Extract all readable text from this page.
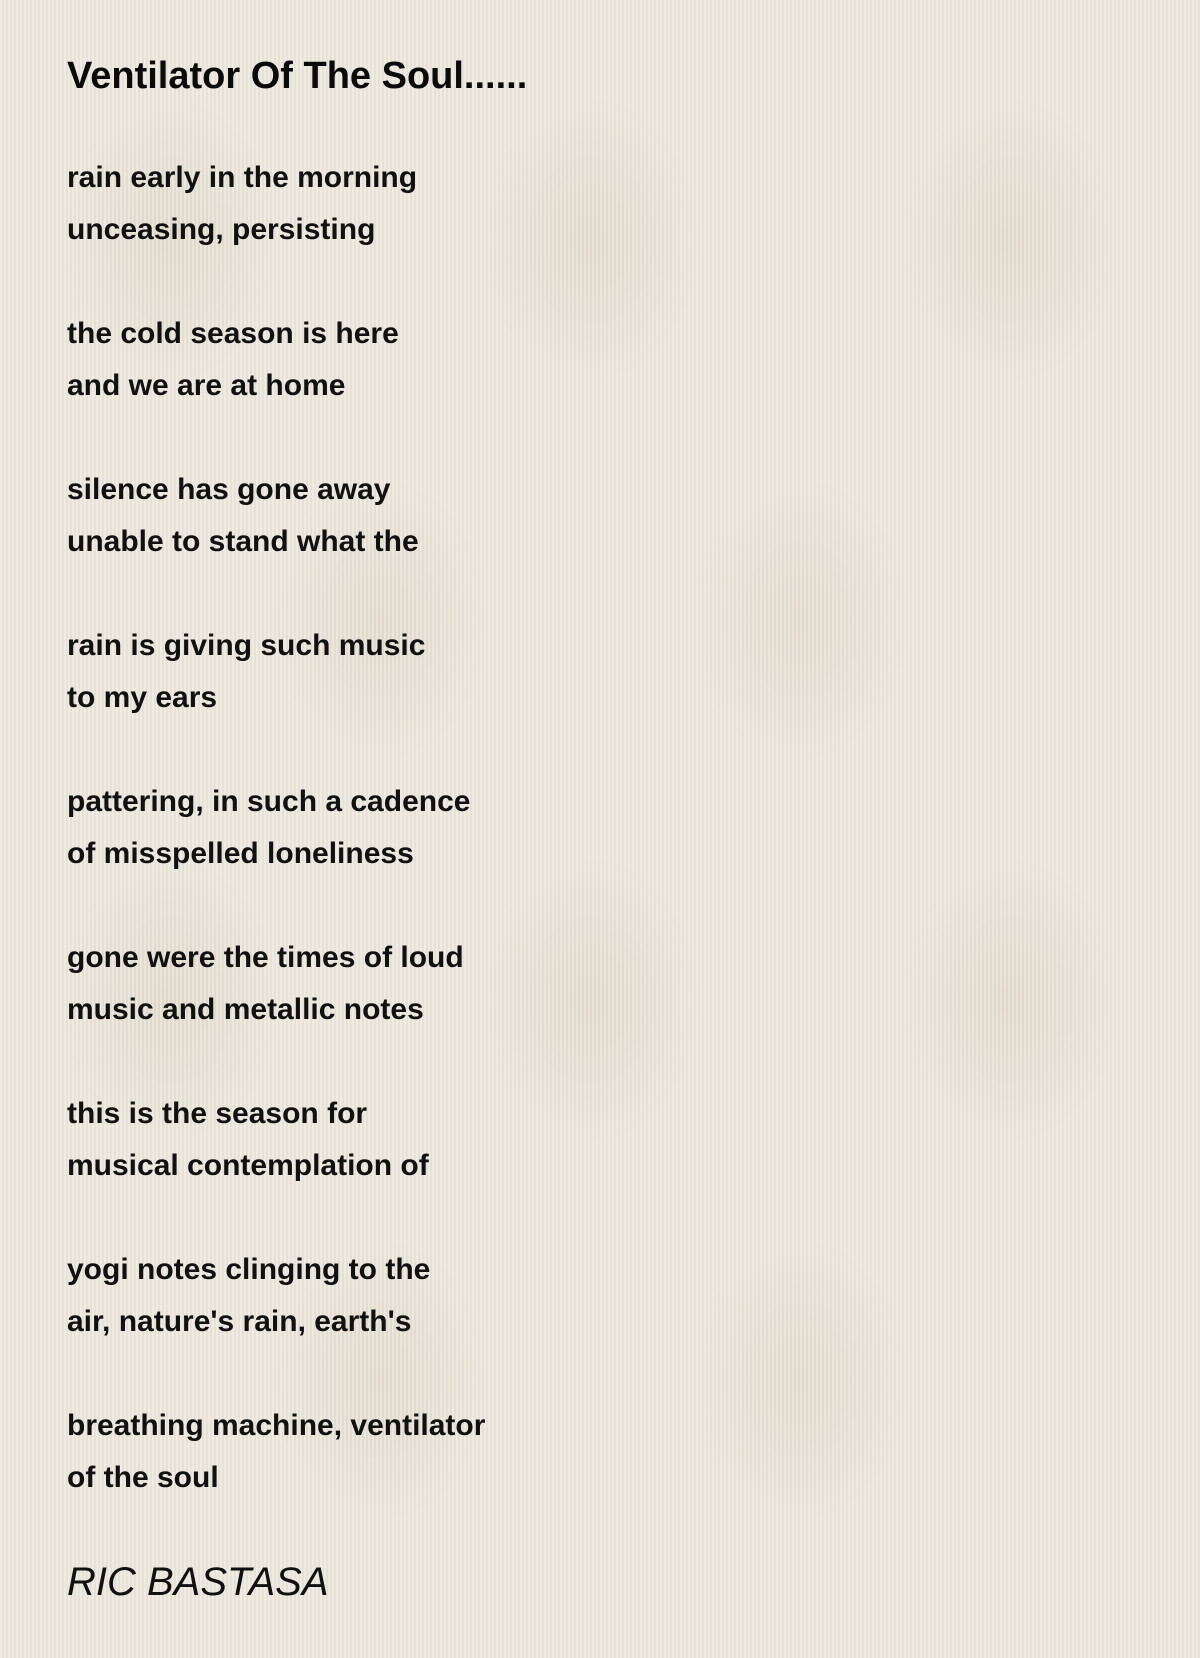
Ventilator Of The Soul......
rain early in the morning
unceasing, persisting
the cold season is here
and we are at home
silence has gone away
unable to stand what the
rain is giving such music
to my ears
pattering, in such a cadence
of misspelled loneliness
gone were the times of loud
music and metallic notes
this is the season for
musical contemplation of
yogi notes clinging to the
air, nature's rain, earth's
breathing machine, ventilator
of the soul
RIC BASTASA
